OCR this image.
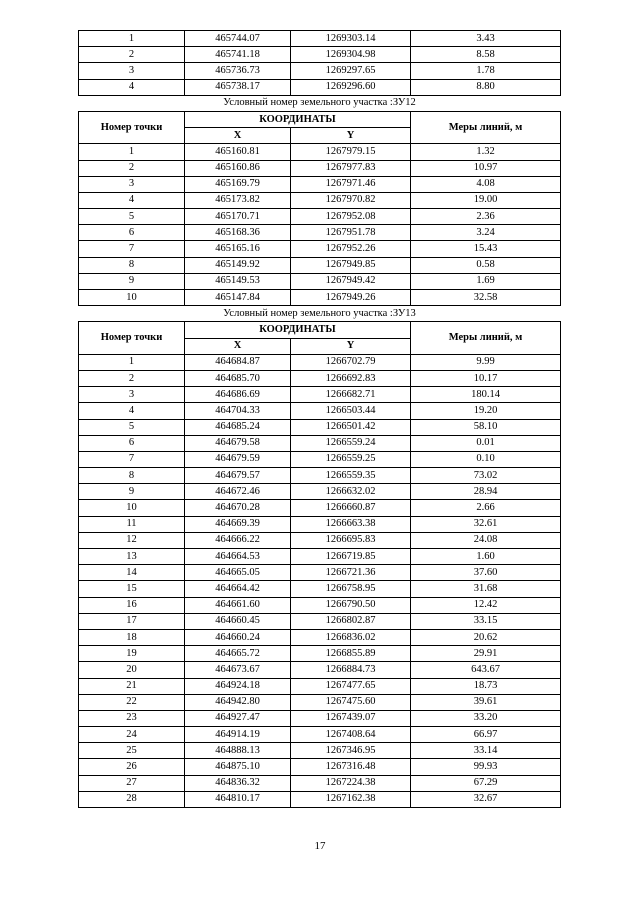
1	465744.07	1269303.14	3.43
2	465741.18	1269304.98	8.58
3	465736.73	1269297.65	1.78
4	465738.17	1269296.60	8.80
Условный номер земельного участка :ЗУ12			
Номер точки	КООРДИНАТЫ		Меры линий, м
	X	Y	
1	465160.81	1267979.15	1.32
2	465160.86	1267977.83	10.97
3	465169.79	1267971.46	4.08
4	465173.82	1267970.82	19.00
5	465170.71	1267952.08	2.36
6	465168.36	1267951.78	3.24
7	465165.16	1267952.26	15.43
8	465149.92	1267949.85	0.58
9	465149.53	1267949.42	1.69
10	465147.84	1267949.26	32.58
Условный номер земельного участка :ЗУ13			
Номер точки	КООРДИНАТЫ		Меры линий, м
	X	Y	
1	464684.87	1266702.79	9.99
2	464685.70	1266692.83	10.17
3	464686.69	1266682.71	180.14
4	464704.33	1266503.44	19.20
5	464685.24	1266501.42	58.10
6	464679.58	1266559.24	0.01
7	464679.59	1266559.25	0.10
8	464679.57	1266559.35	73.02
9	464672.46	1266632.02	28.94
10	464670.28	1266660.87	2.66
11	464669.39	1266663.38	32.61
12	464666.22	1266695.83	24.08
13	464664.53	1266719.85	1.60
14	464665.05	1266721.36	37.60
15	464664.42	1266758.95	31.68
16	464661.60	1266790.50	12.42
17	464660.45	1266802.87	33.15
18	464660.24	1266836.02	20.62
19	464665.72	1266855.89	29.91
20	464673.67	1266884.73	643.67
21	464924.18	1267477.65	18.73
22	464942.80	1267475.60	39.61
23	464927.47	1267439.07	33.20
24	464914.19	1267408.64	66.97
25	464888.13	1267346.95	33.14
26	464875.10	1267316.48	99.93
27	464836.32	1267224.38	67.29
28	464810.17	1267162.38	32.67
17
